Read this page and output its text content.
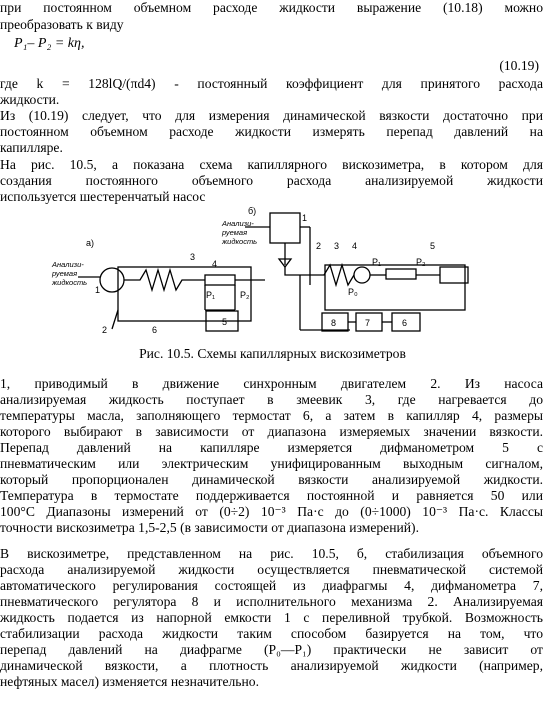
при постоянном объемном расходе жидкости выражение (10.18) можно
преобразовать к виду
P₁– P₂ = kη,
(10.19)
где k = 128lQ/(πd4) - постоянный коэффициент для принятого расхода
жидкости.
Из (10.19) следует, что для измерения динамической вязкости достаточно при
постоянном объемном расходе жидкости измерять перепад давлений на
капилляре.
На рис. 10.5, а показана схема капиллярного вискозиметра, в котором для
создания постоянного объемного расхода анализируемой жидкости
используется шестеренчатый насос
а)
б)
Анализи-
руемая
жидкость
Анализи-
руемая
жидкость
3
4
1
6
2
5
P₁	P₂
1
2 3 4	5
8	7	6
P₀
P₁	P₂
Рис. 10.5. Схемы капиллярных вискозиметров
1, приводимый в движение синхронным двигателем 2. Из насоса
анализируемая жидкость поступает в змеевик 3, где нагревается до
температуры масла, заполняющего термостат 6, а затем в капилляр 4, размеры
которого выбирают в зависимости от диапазона измеряемых значении вязкости.
Перепад давлений на капилляре измеряется дифманометром 5 с
пневматическим или электрическим унифицированным выходным сигналом,
который пропорционален динамической вязкости анализируемой жидкости.
Температура в термостате поддерживается постоянной и равняется 50 или
100°C Диапазоны измерений от (0÷2) 10⁻³ Па·с до (0÷1000) 10⁻³ Па·с. Классы
точности вискозиметра 1,5-2,5 (в зависимости от диапазона измерений).
В вискозиметре, представленном на рис. 10.5, б, стабилизация объемного
расхода анализируемой жидкости осуществляется пневматической системой
автоматического регулирования состоящей из диафрагмы 4, дифманометра 7,
пневматического регулятора 8 и исполнительного механизма 2. Анализируемая
жидкость подается из напорной емкости 1 с переливной трубкой. Возможность
стабилизации расхода жидкости таким способом базируется на том, что
перепад давлений на диафрагме (P₀—P₁) практически не зависит от
динамической вязкости, а плотность анализируемой жидкости (например,
нефтяных масел) изменяется незначительно.
